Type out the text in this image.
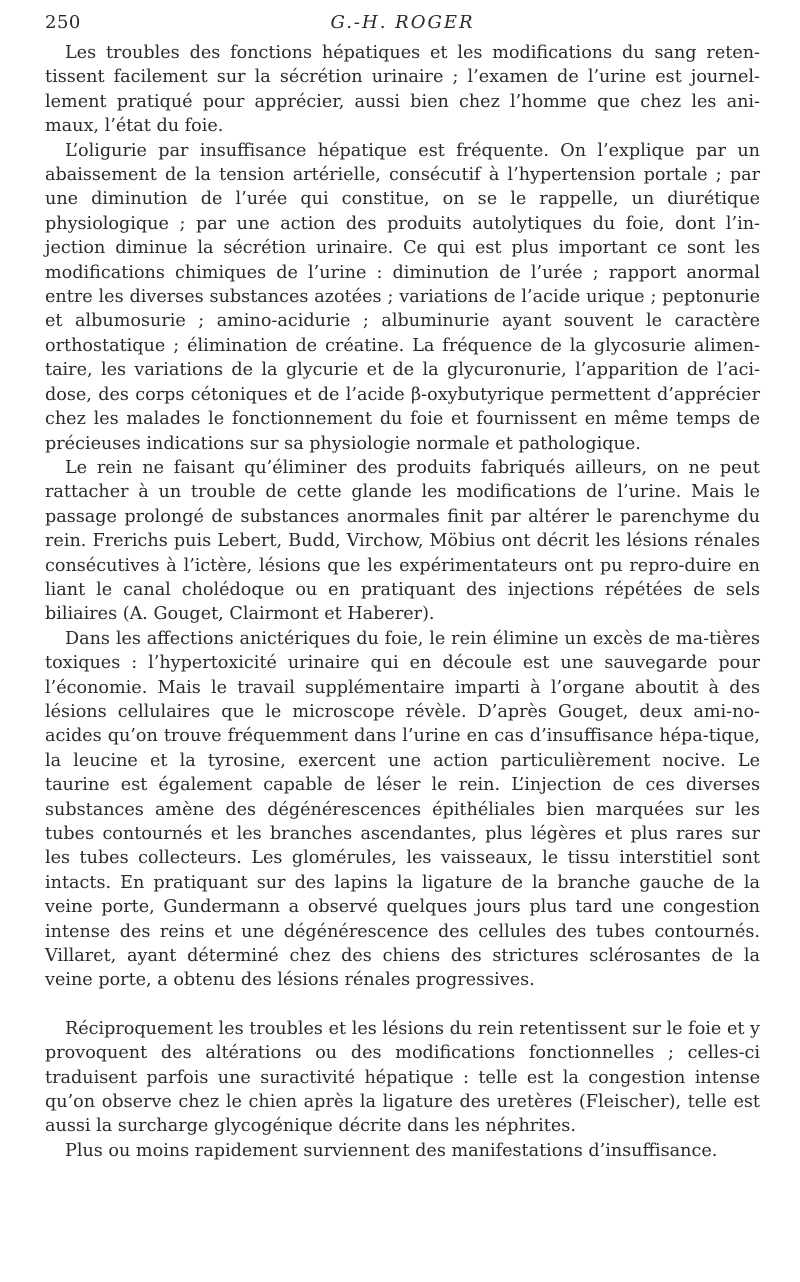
250	G.-H. ROGER

Les troubles des fonctions hépatiques et les modifications du sang reten-tissent facilement sur la sécrétion urinaire ; l’examen de l’urine est journel-lement pratiqué pour apprécier, aussi bien chez l’homme que chez les ani-maux, l’état du foie.

L’oligurie par insuffisance hépatique est fréquente. On l’explique par un abaissement de la tension artérielle, consécutif à l’hypertension portale ; par une diminution de l’urée qui constitue, on se le rappelle, un diurétique physiologique ; par une action des produits autolytiques du foie, dont l’in-jection diminue la sécrétion urinaire. Ce qui est plus important ce sont les modifications chimiques de l’urine : diminution de l’urée ; rapport anormal entre les diverses substances azotées ; variations de l’acide urique ; peptonurie et albumosurie ; amino-acidurie ; albuminurie ayant souvent le caractère orthostatique ; élimination de créatine. La fréquence de la glycosurie alimen-taire, les variations de la glycurie et de la glycuronurie, l’apparition de l’aci-dose, des corps cétoniques et de l’acide β-oxybutyrique permettent d’apprécier chez les malades le fonctionnement du foie et fournissent en même temps de précieuses indications sur sa physiologie normale et pathologique.

Le rein ne faisant qu’éliminer des produits fabriqués ailleurs, on ne peut rattacher à un trouble de cette glande les modifications de l’urine. Mais le passage prolongé de substances anormales finit par altérer le parenchyme du rein. Frerichs puis Lebert, Budd, Virchow, Möbius ont décrit les lésions rénales consécutives à l’ictère, lésions que les expérimentateurs ont pu repro-duire en liant le canal cholédoque ou en pratiquant des injections répétées de sels biliaires (A. Gouget, Clairmont et Haberer).

Dans les affections anictériques du foie, le rein élimine un excès de ma-tières toxiques : l’hypertoxicité urinaire qui en découle est une sauvegarde pour l’économie. Mais le travail supplémentaire imparti à l’organe aboutit à des lésions cellulaires que le microscope révèle. D’après Gouget, deux ami-no-acides qu’on trouve fréquemment dans l’urine en cas d’insuffisance hépa-tique, la leucine et la tyrosine, exercent une action particulièrement nocive. Le taurine est également capable de léser le rein. L’injection de ces diverses substances amène des dégénérescences épithéliales bien marquées sur les tubes contournés et les branches ascendantes, plus légères et plus rares sur les tubes collecteurs. Les glomérules, les vaisseaux, le tissu interstitiel sont intacts. En pratiquant sur des lapins la ligature de la branche gauche de la veine porte, Gundermann a observé quelques jours plus tard une congestion intense des reins et une dégénérescence des cellules des tubes contournés. Villaret, ayant déterminé chez des chiens des strictures sclérosantes de la veine porte, a obtenu des lésions rénales progressives.

Réciproquement les troubles et les lésions du rein retentissent sur le foie et y provoquent des altérations ou des modifications fonctionnelles ; celles-ci traduisent parfois une suractivité hépatique : telle est la congestion intense qu’on observe chez le chien après la ligature des uretères (Fleischer), telle est aussi la surcharge glycogénique décrite dans les néphrites.

Plus ou moins rapidement surviennent des manifestations d’insuffisance.
